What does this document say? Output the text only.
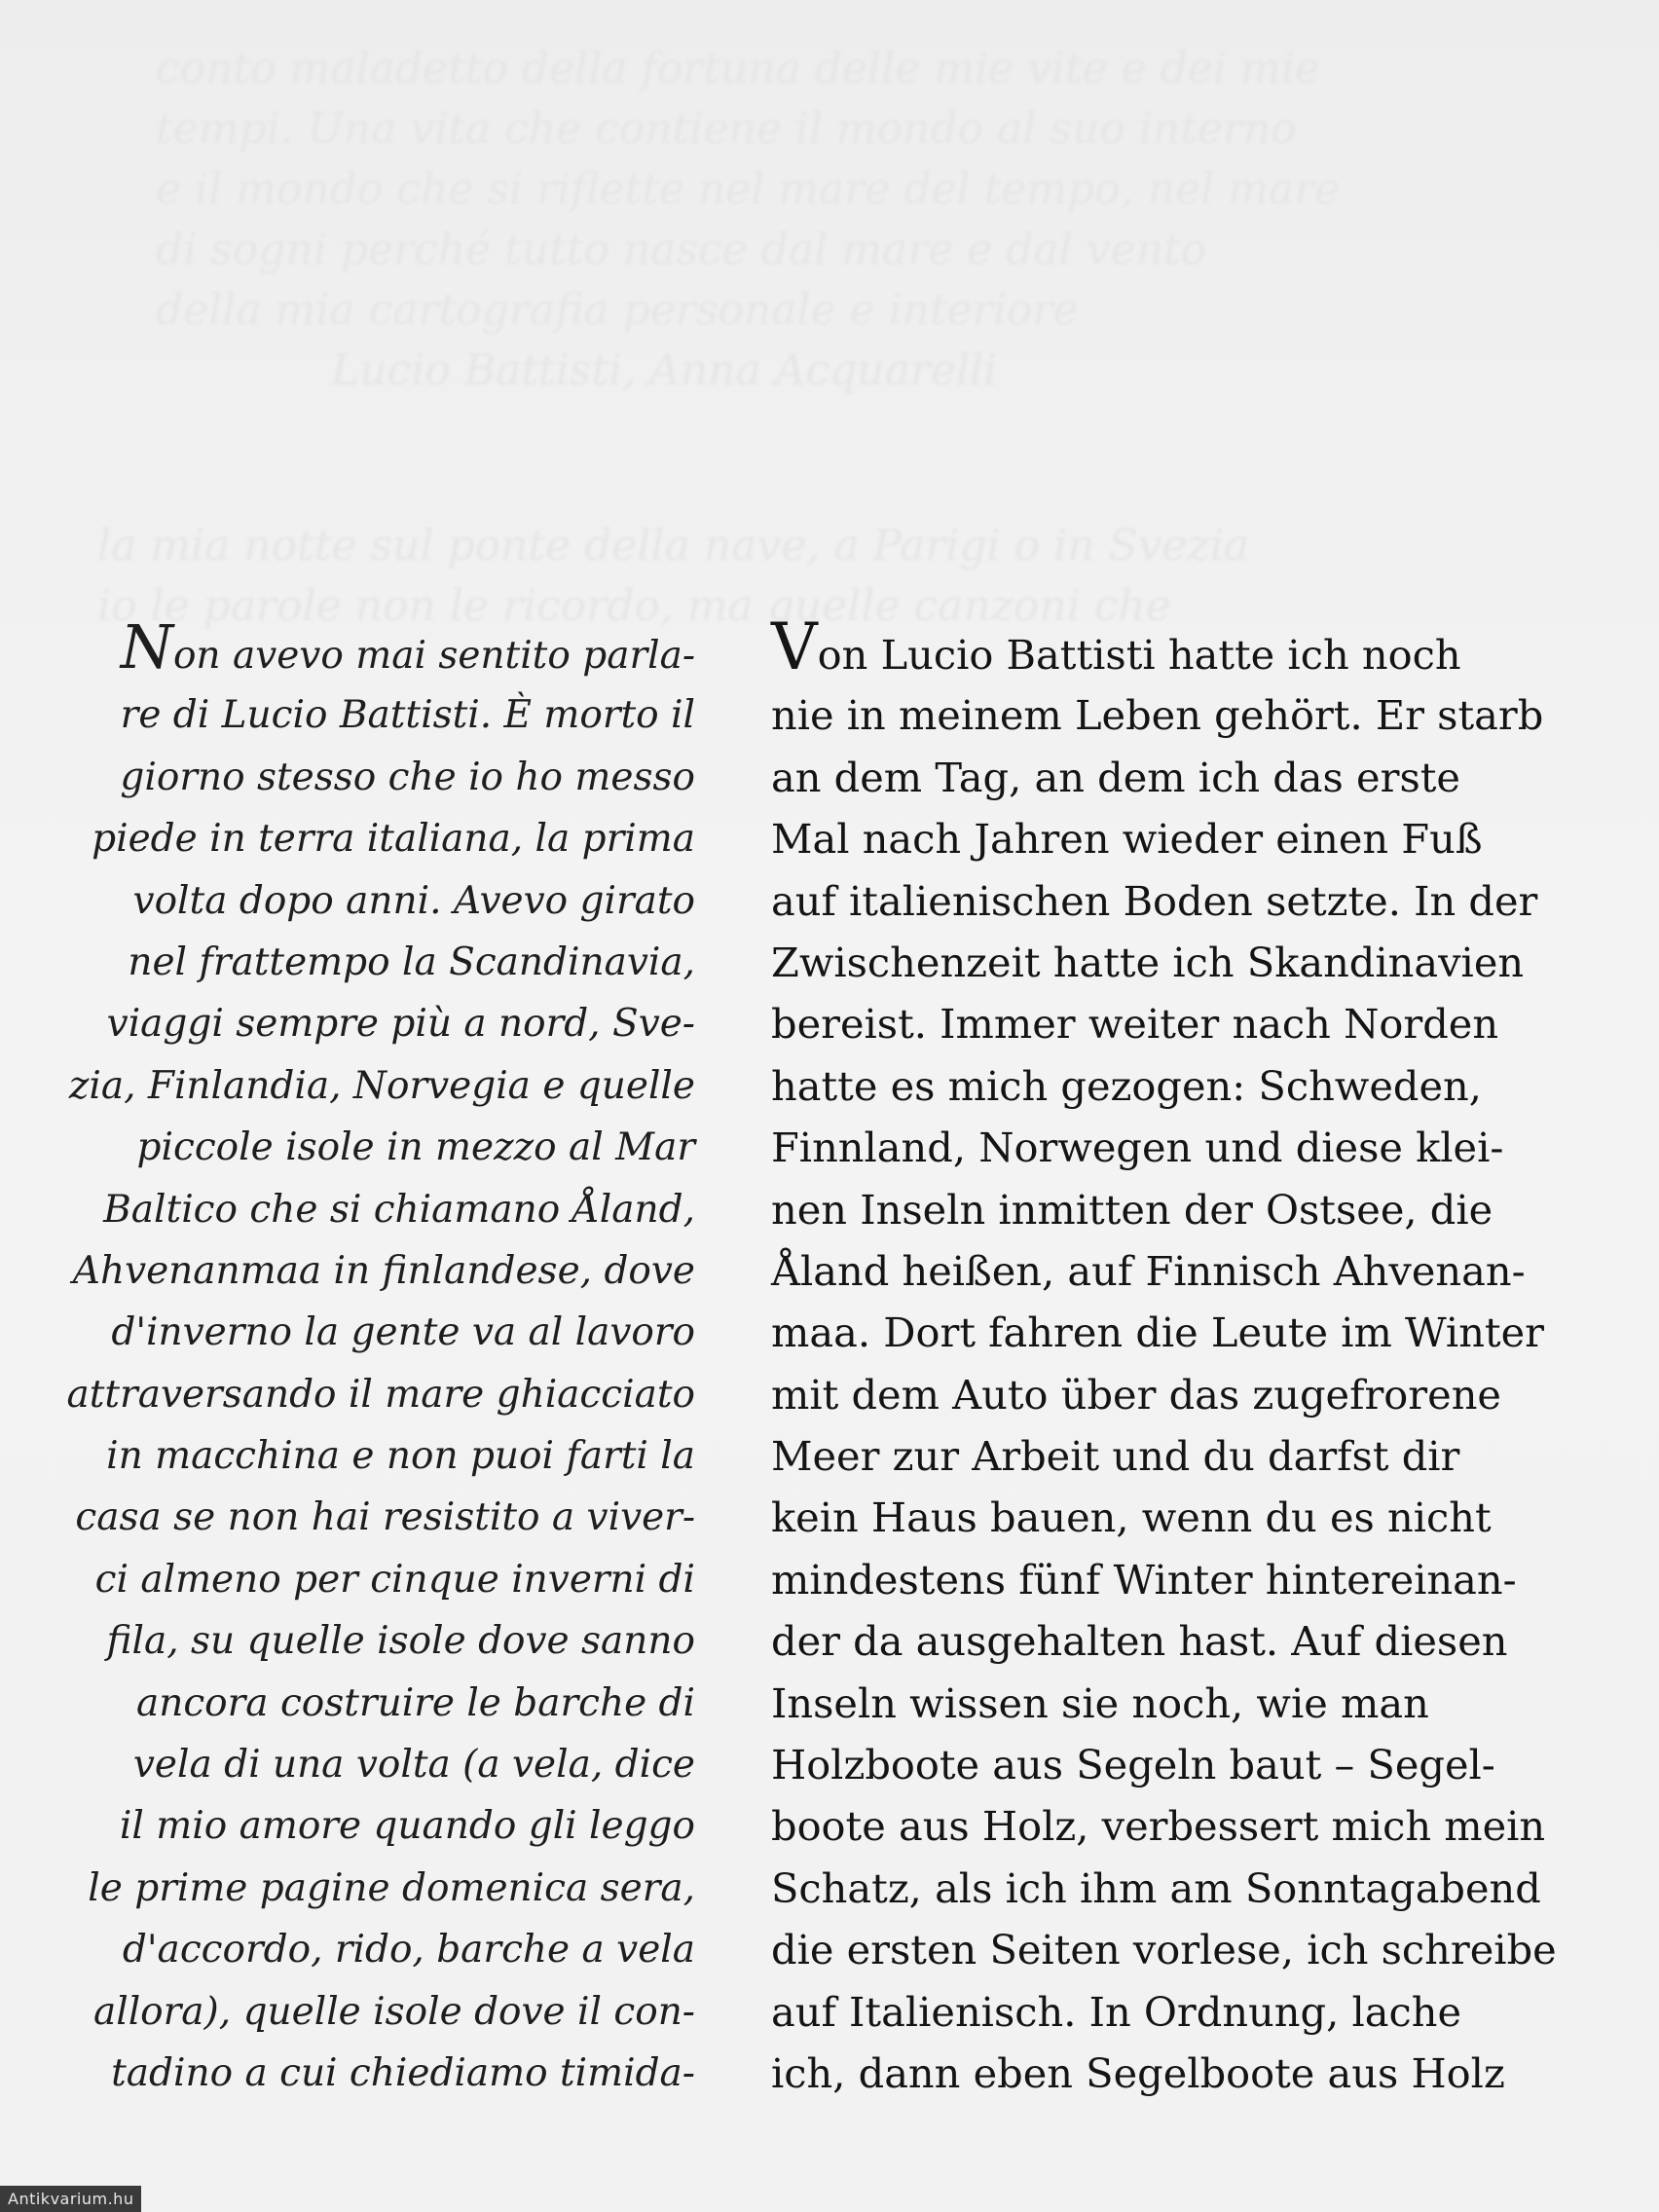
conto maladetto della fortuna delle mie vite e dei mie
tempi. Una vita che contiene il mondo al suo interno
e il mondo che si riflette nel mare del tempo, nel mare
di sogni perché tutto nasce dal mare e dal vento
della mia cartografia personale e interiore
Lucio Battisti, Anna Acquarelli
la mia notte sul ponte della nave, a Parigi o in Svezia
io le parole non le ricordo, ma quelle canzoni che
Non avevo mai sentito parla-
re di Lucio Battisti. È morto il
giorno stesso che io ho messo
piede in terra italiana, la prima
volta dopo anni. Avevo girato
nel frattempo la Scandinavia,
viaggi sempre più a nord, Sve-
zia, Finlandia, Norvegia e quelle
piccole isole in mezzo al Mar
Baltico che si chiamano Åland,
Ahvenanmaa in finlandese, dove
d'inverno la gente va al lavoro
attraversando il mare ghiacciato
in macchina e non puoi farti la
casa se non hai resistito a viver-
ci almeno per cinque inverni di
fila, su quelle isole dove sanno
ancora costruire le barche di
vela di una volta (a vela, dice
il mio amore quando gli leggo
le prime pagine domenica sera,
d'accordo, rido, barche a vela
allora), quelle isole dove il con-
tadino a cui chiediamo timida-
Von Lucio Battisti hatte ich noch
nie in meinem Leben gehört. Er starb
an dem Tag, an dem ich das erste
Mal nach Jahren wieder einen Fuß
auf italienischen Boden setzte. In der
Zwischenzeit hatte ich Skandinavien
bereist. Immer weiter nach Norden
hatte es mich gezogen: Schweden,
Finnland, Norwegen und diese klei-
nen Inseln inmitten der Ostsee, die
Åland heißen, auf Finnisch Ahvenan-
maa. Dort fahren die Leute im Winter
mit dem Auto über das zugefrorene
Meer zur Arbeit und du darfst dir
kein Haus bauen, wenn du es nicht
mindestens fünf Winter hintereinan-
der da ausgehalten hast. Auf diesen
Inseln wissen sie noch, wie man
Holzboote aus Segeln baut – Segel-
boote aus Holz, verbessert mich mein
Schatz, als ich ihm am Sonntagabend
die ersten Seiten vorlese, ich schreibe
auf Italienisch. In Ordnung, lache
ich, dann eben Segelboote aus Holz
Antikvarium.hu
